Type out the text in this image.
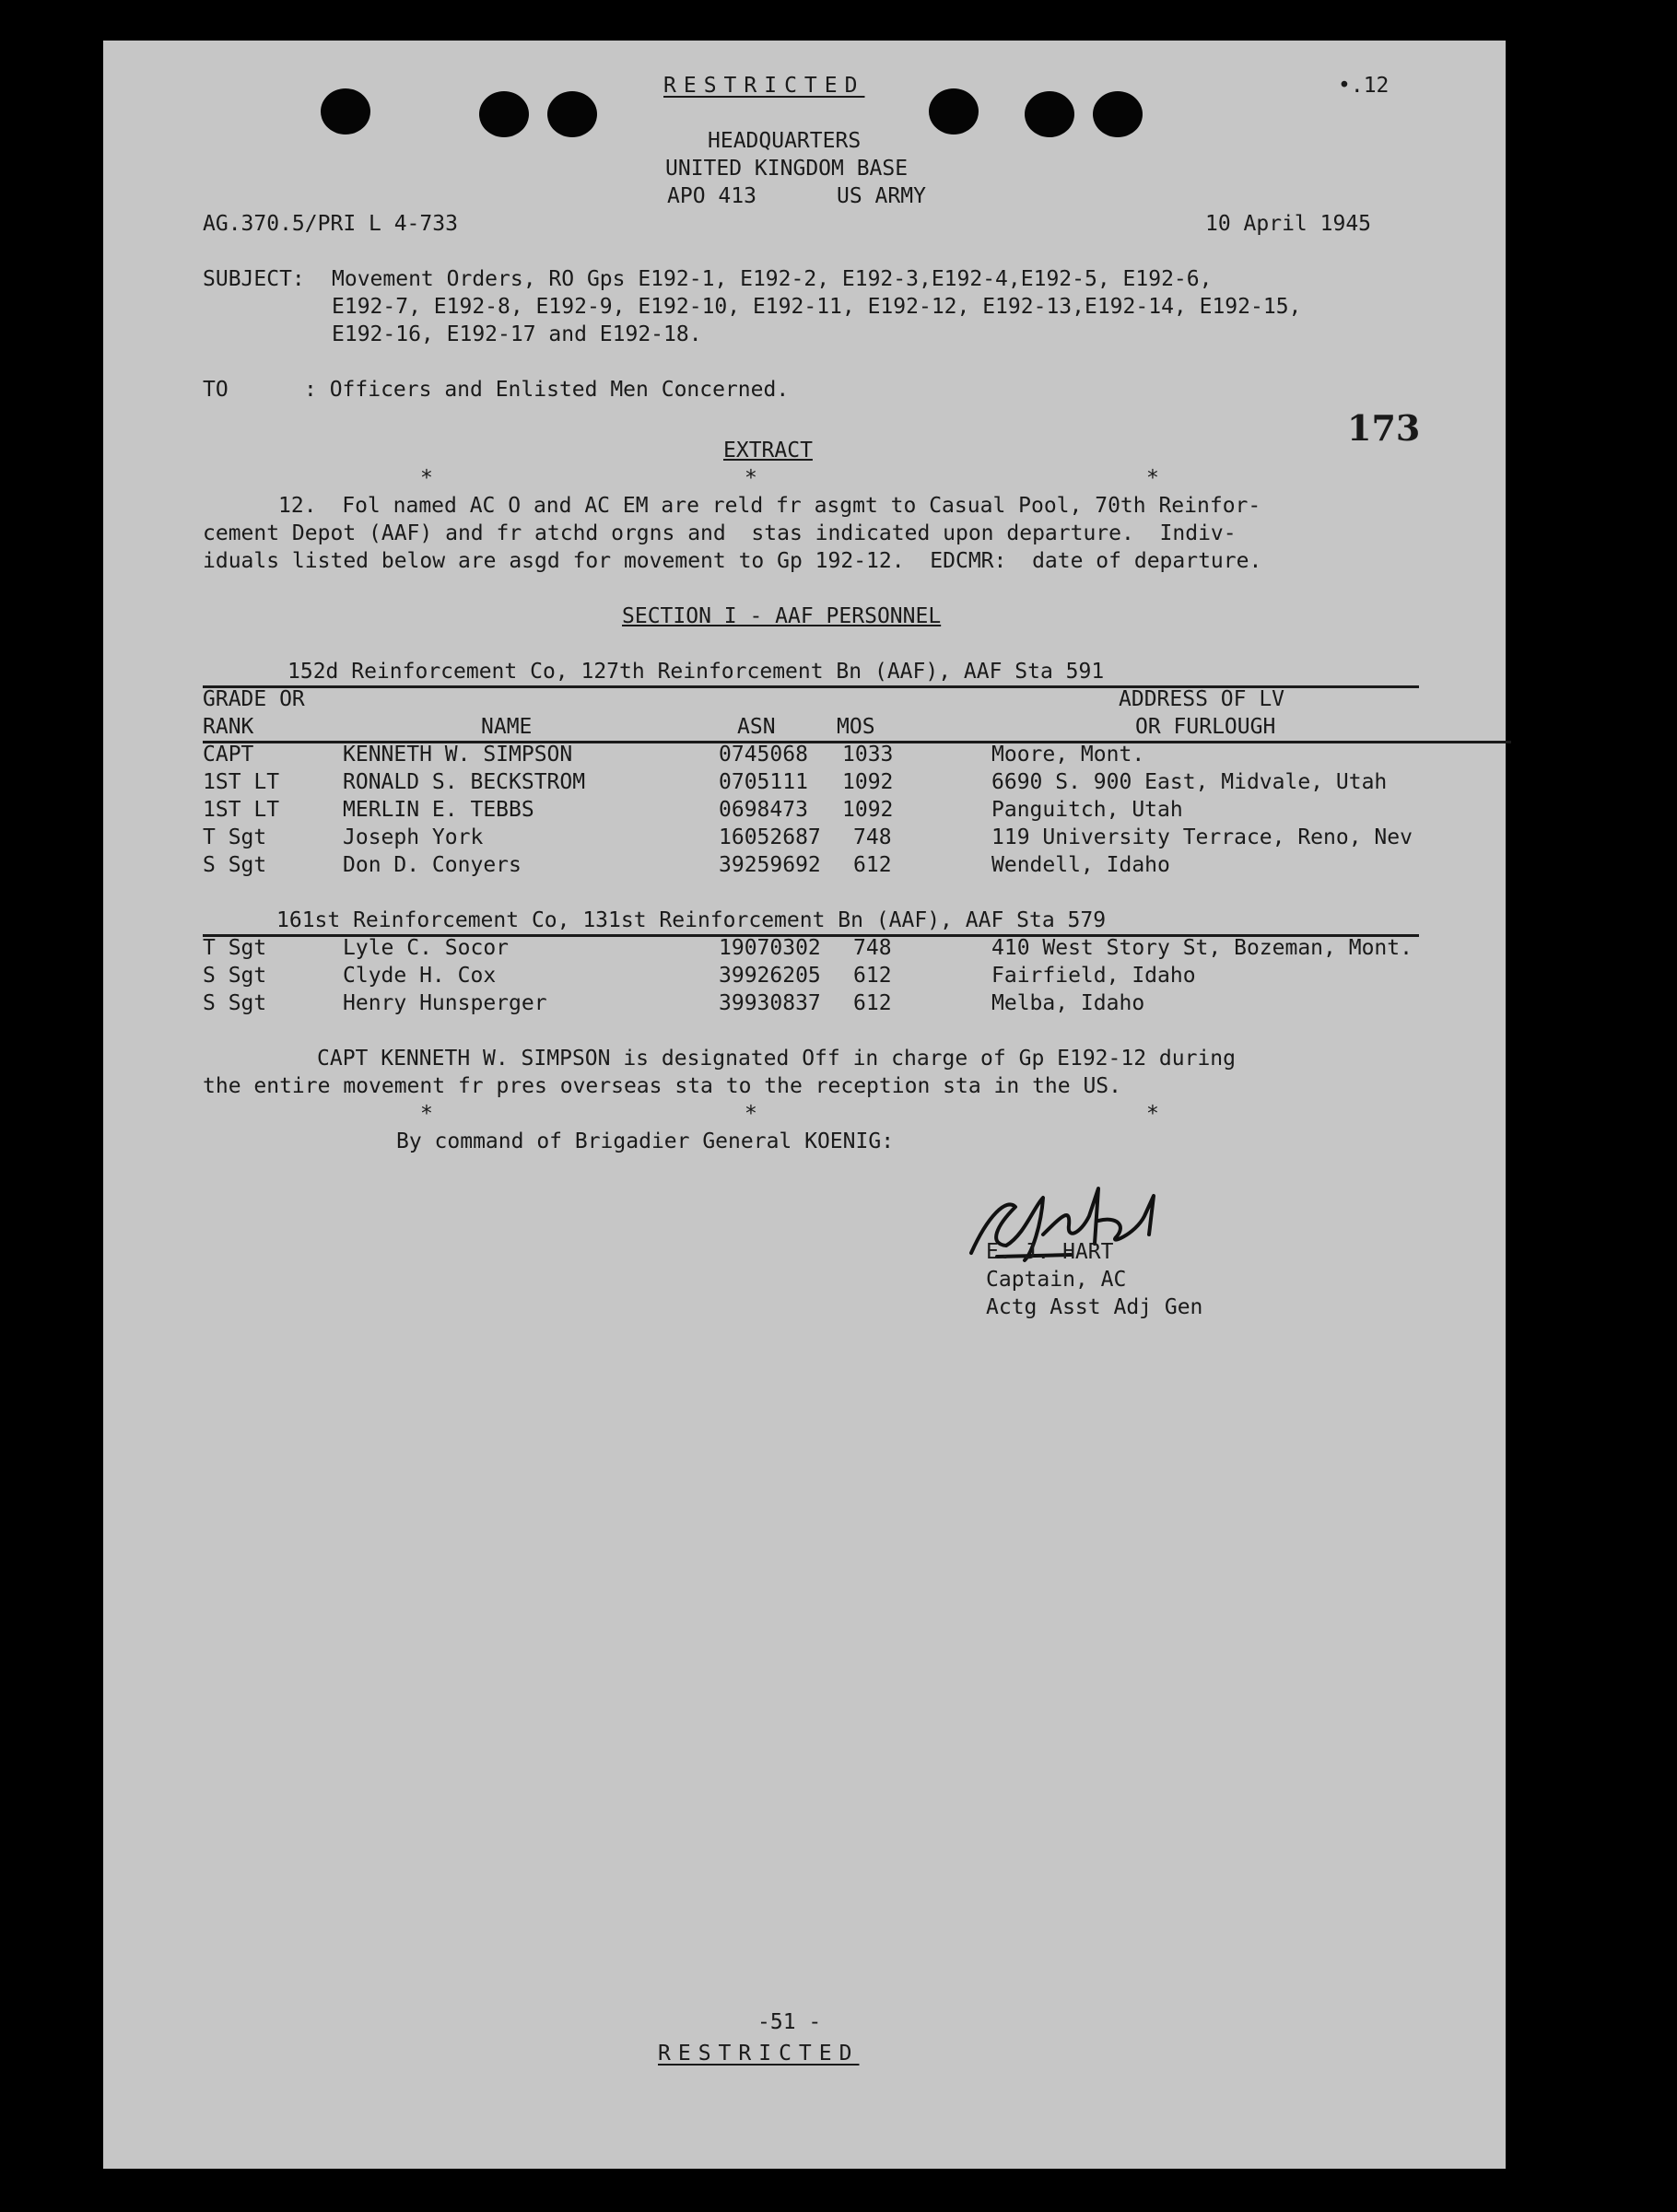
RESTRICTED	•.12
HEADQUARTERS
UNITED KINGDOM BASE
APO 413	US ARMY
AG.370.5/PRI L 4-733	10 April 1945
SUBJECT: Movement Orders, RO Gps E192-1, E192-2, E192-3,E192-4,E192-5, E192-6,
E192-7, E192-8, E192-9, E192-10, E192-11, E192-12, E192-13,E192-14, E192-15,
E192-16, E192-17 and E192-18.
TO	: Officers and Enlisted Men Concerned.
173
EXTRACT
*	*	*
12.  Fol named AC O and AC EM are reld fr asgmt to Casual Pool, 70th Reinfor-
cement Depot (AAF) and fr atchd orgns and  stas indicated upon departure.  Indiv-
iduals listed below are asgd for movement to Gp 192-12.  EDCMR:  date of departure.
SECTION I - AAF PERSONNEL
152d Reinforcement Co, 127th Reinforcement Bn (AAF), AAF Sta 591
GRADE OR
RANK	NAME	ASN	MOS
ADDRESS OF LV
OR FURLOUGH
CAPT	KENNETH W. SIMPSON	0745068 1033	Moore, Mont.
1ST LT	RONALD S. BECKSTROM	0705111 1092	6690 S. 900 East, Midvale, Utah
1ST LT	MERLIN E. TEBBS	0698473 1092	Panguitch, Utah
T Sgt	Joseph York	16052687 748	119 University Terrace, Reno, Nev
S Sgt	Don D. Conyers	39259692 612	Wendell, Idaho
161st Reinforcement Co, 131st Reinforcement Bn (AAF), AAF Sta 579
T Sgt	Lyle C. Socor	19070302 748	410 West Story St, Bozeman, Mont.
S Sgt	Clyde H. Cox	39926205 612	Fairfield, Idaho
S Sgt	Henry Hunsperger	39930837 612	Melba, Idaho
CAPT KENNETH W. SIMPSON is designated Off in charge of Gp E192-12 during
the entire movement fr pres overseas sta to the reception sta in the US.
*	*	*
By command of Brigadier General KOENIG:
E. J. HART
Captain, AC
Actg Asst Adj Gen
-51 -
RESTRICTED
